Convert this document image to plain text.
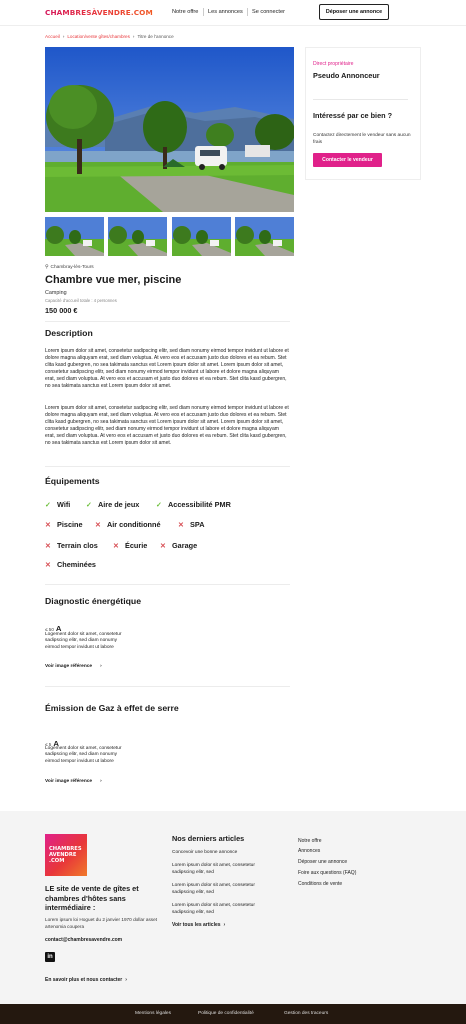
CHAMBRESÀVENDRE.COM	Notre offre Les annonces Se connecter	Déposer une annonce
Accueil › Location/vente gîtes/chambres › Titre de l'annonce
Direct propriétaire
Pseudo Annonceur
Intéressé par ce bien ?
Contactez directement le vendeur sans aucun frais
Contacter le vendeur
⚲ Chambray-lès-Tours
Chambre vue mer, piscine
Camping
Capacité d'accueil totale : 4 personnes
150 000 €
Description
Lorem ipsum dolor sit amet, consetetur sadipscing elitr, sed diam nonumy eirmod tempor invidunt ut labore et dolore magna aliquyam erat, sed diam voluptua. At vero eos et accusam justo duo dolores et ea rebum. Stet clita kasd gubergren, no sea takimata sanctus est Lorem ipsum dolor sit amet. Lorem ipsum dolor sit amet, consetetur sadipscing elitr, sed diam nonumy eirmod tempor invidunt ut labore et dolore magna aliquyam erat, sed diam voluptua. At vero eos et accusam et justo duo dolores et ea rebum. Stet clita kasd gubergren, no sea takimata sanctus est Lorem ipsum dolor sit amet.
Lorem ipsum dolor sit amet, consetetur sadipscing elitr, sed diam nonumy eirmod tempor invidunt ut labore et dolore magna aliquyam erat, sed diam voluptua. At vero eos et accusam justo duo dolores et ea rebum. Stet clita kasd gubergren, no sea takimata sanctus est Lorem ipsum dolor sit amet. Lorem ipsum dolor sit amet, consetetur sadipscing elitr, sed diam nonumy eirmod tempor invidunt ut labore et dolore magna aliquyam erat, sed diam voluptua. At vero eos et accusam et justo duo dolores et ea rebum. Stet clita kasd gubergren, no sea takimata sanctus est Lorem ipsum dolor sit amet.
Équipements
✓ Wifi ✓ Aire de jeux ✓ Accessibilité PMR
✕ Piscine ✕ Air conditionné ✕ SPA
✕ Terrain clos ✕ Écurie ✕ Garage
✕ Cheminées
Diagnostic énergétique
≤ 50 A
Logement dolor sit amet, consetetur sadipscing elitr, sed diam nonumy eirmod tempor invidunt ut labore
Voir image référence ›
Émission de Gaz à effet de serre
≤ 5 A
Logement dolor sit amet, consetetur sadipscing elitr, sed diam nonumy eirmod tempor invidunt ut labore
Voir image référence ›
CHAMBRES AVENDRE .COM
LE site de vente de gîtes et chambres d'hôtes sans intermédiaire :
Lorem ipsum loi Hoguet du 2 janvier 1970 dollar asset artenomia coupera
contact@chambresavendre.com
in
En savoir plus et nous contacter ›
Nos derniers articles
Concevoir une bonne annonce
Lorem ipsum dolor sit amet, consetetur sadipscing elitr, sed
Lorem ipsum dolor sit amet, consetetur sadipscing elitr, sed
Lorem ipsum dolor sit amet, consetetur sadipscing elitr, sed
Voir tous les articles ›
Notre offre
Annonces
Déposer une annonce
Foire aux questions (FAQ)
Conditions de vente
Mentions légales	Politique de confidentialité	Gestion des traceurs
